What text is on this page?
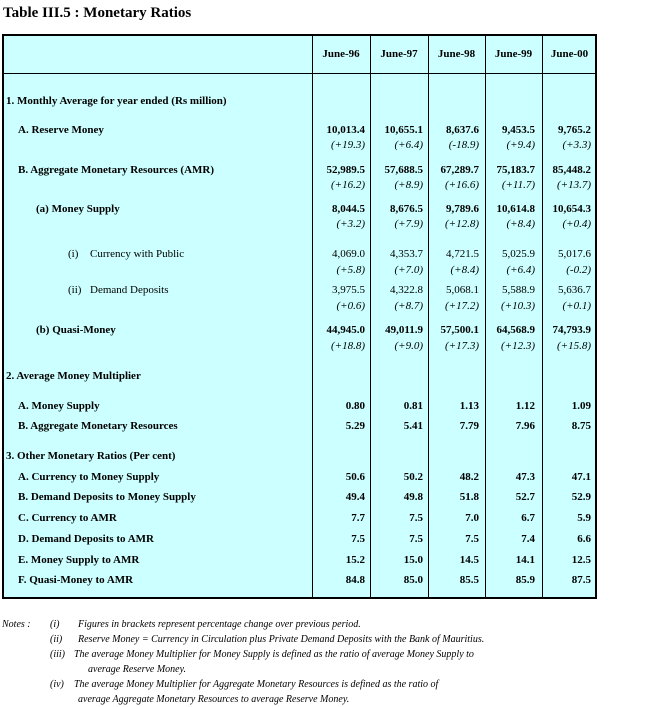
Table III.5 : Monetary Ratios
June-96	June-97	June-98	June-99	June-00
1. Monthly Average for year ended (Rs million)
A. Reserve Money	10,013.4 10,655.1 8,637.6 9,453.5 9,765.2
(+19.3)	(+6.4) (-18.9)	(+9.4)	(+3.3)
B. Aggregate Monetary Resources (AMR)	52,989.5 57,688.5 67,289.7 75,183.7 85,448.2
(+16.2)	(+8.9) (+16.6) (+11.7) (+13.7)
(a) Money Supply	8,044.5 8,676.5 9,789.6 10,614.8 10,654.3
(+3.2)	(+7.9) (+12.8)	(+8.4)	(+0.4)
(i) Currency with Public	4,069.0 4,353.7 4,721.5 5,025.9 5,017.6
(+5.8)	(+7.0)	(+8.4)	(+6.4)	(-0.2)
(ii) Demand Deposits	3,975.5 4,322.8 5,068.1 5,588.9 5,636.7
(+0.6)	(+8.7) (+17.2) (+10.3)	(+0.1)
(b) Quasi-Money	44,945.0 49,011.9 57,500.1 64,568.9 74,793.9
(+18.8)	(+9.0) (+17.3) (+12.3) (+15.8)
2. Average Money Multiplier
A. Money Supply	0.80	0.81	1.13	1.12	1.09
B. Aggregate Monetary Resources	5.29	5.41	7.79	7.96	8.75
3. Other Monetary Ratios (Per cent)
A. Currency to Money Supply	50.6	50.2	48.2	47.3	47.1
B. Demand Deposits to Money Supply	49.4	49.8	51.8	52.7	52.9
C. Currency to AMR	7.7	7.5	7.0	6.7	5.9
D. Demand Deposits to AMR	7.5	7.5	7.5	7.4	6.6
E. Money Supply to AMR	15.2	15.0	14.5	14.1	12.5
F. Quasi-Money to AMR	84.8	85.0	85.5	85.9	87.5
Notes : (i) Figures in brackets represent percentage change over previous period.
(ii) Reserve Money = Currency in Circulation plus Private Demand Deposits with the Bank of Mauritius.
(iii) The average Money Multiplier for Money Supply is defined as the ratio of average Money Supply to
average Reserve Money.
(iv) The average Money Multiplier for Aggregate Monetary Resources is defined as the ratio of
average Aggregate Monetary Resources to average Reserve Money.
